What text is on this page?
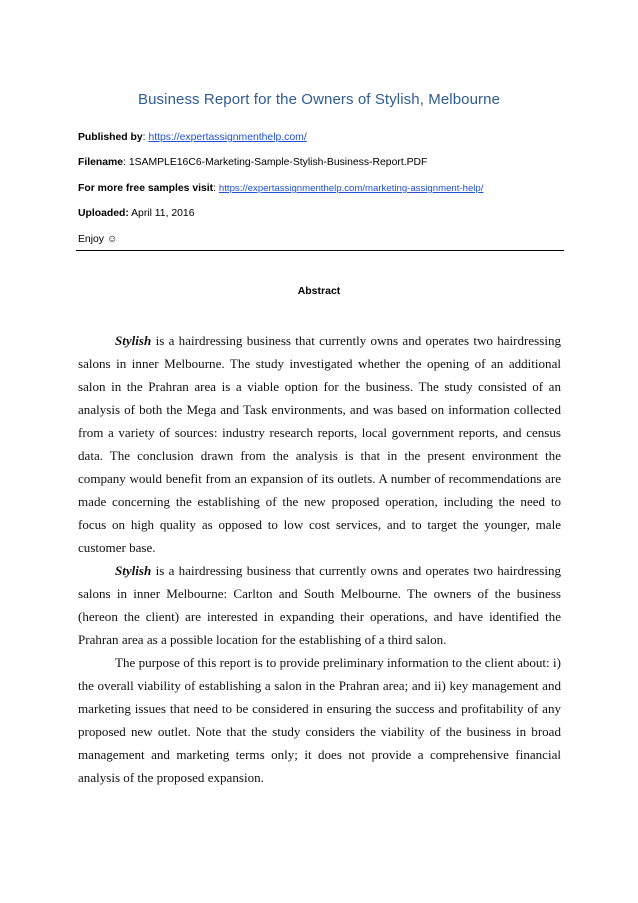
Business Report for the Owners of Stylish, Melbourne
Published by: https://expertassignmenthelp.com/
Filename: 1SAMPLE16C6-Marketing-Sample-Stylish-Business-Report.PDF
For more free samples visit: https://expertassignmenthelp.com/marketing-assignment-help/
Uploaded: April 11, 2016
Enjoy ☺
Abstract

Stylish is a hairdressing business that currently owns and operates two hairdressing salons in inner Melbourne. The study investigated whether the opening of an additional salon in the Prahran area is a viable option for the business. The study consisted of an analysis of both the Mega and Task environments, and was based on information collected from a variety of sources: industry research reports, local government reports, and census data. The conclusion drawn from the analysis is that in the present environment the company would benefit from an expansion of its outlets. A number of recommendations are made concerning the establishing of the new proposed operation, including the need to focus on high quality as opposed to low cost services, and to target the younger, male customer base.

Stylish is a hairdressing business that currently owns and operates two hairdressing salons in inner Melbourne: Carlton and South Melbourne. The owners of the business (hereon the client) are interested in expanding their operations, and have identified the Prahran area as a possible location for the establishing of a third salon.

The purpose of this report is to provide preliminary information to the client about: i) the overall viability of establishing a salon in the Prahran area; and ii) key management and marketing issues that need to be considered in ensuring the success and profitability of any proposed new outlet. Note that the study considers the viability of the business in broad management and marketing terms only; it does not provide a comprehensive financial analysis of the proposed expansion.
